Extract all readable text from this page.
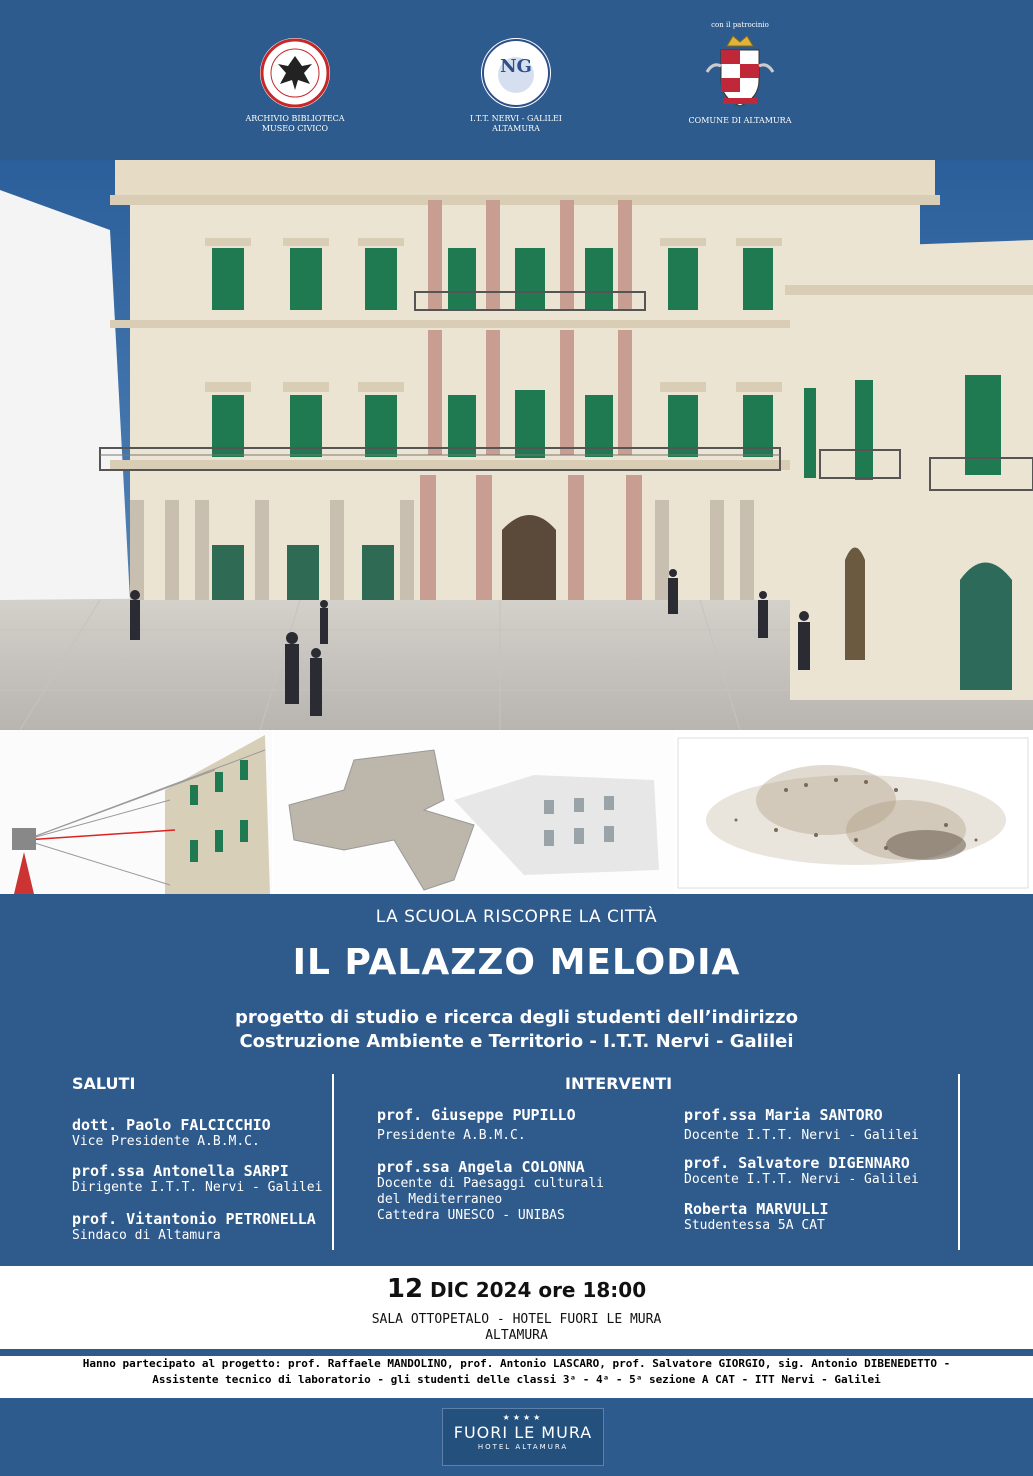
ARCHIVIO BIBLIOTECA
MUSEO CIVICO
NG
I.T.T. NERVI - GALILEI
ALTAMURA
con il patrocinio
COMUNE DI ALTAMURA
LA SCUOLA RISCOPRE LA CITTÀ
IL PALAZZO MELODIA
progetto di studio e ricerca degli studenti dell’indirizzo
Costruzione Ambiente e Territorio - I.T.T. Nervi - Galilei
SALUTI
dott. Paolo FALCICCHIO
Vice Presidente A.B.M.C.
prof.ssa Antonella SARPI
Dirigente I.T.T. Nervi - Galilei
prof. Vitantonio PETRONELLA
Sindaco di Altamura
INTERVENTI
prof. Giuseppe PUPILLO
Presidente A.B.M.C.
prof.ssa Angela COLONNA
Docente di Paesaggi culturali
del Mediterraneo
Cattedra UNESCO - UNIBAS
prof.ssa Maria SANTORO
Docente I.T.T. Nervi - Galilei
prof. Salvatore DIGENNARO
Docente I.T.T. Nervi - Galilei
Roberta MARVULLI
Studentessa 5A CAT
12 DIC 2024 ore 18:00
SALA OTTOPETALO - HOTEL FUORI LE MURA
ALTAMURA
Hanno partecipato al progetto: prof. Raffaele MANDOLINO, prof. Antonio LASCARO, prof. Salvatore GIORGIO, sig. Antonio DIBENEDETTO -
Assistente tecnico di laboratorio - gli studenti delle classi 3ᵃ - 4ᵃ - 5ᵃ sezione A CAT - ITT Nervi - Galilei
★★★★
FUORI LE MURA
HOTEL ALTAMURA
